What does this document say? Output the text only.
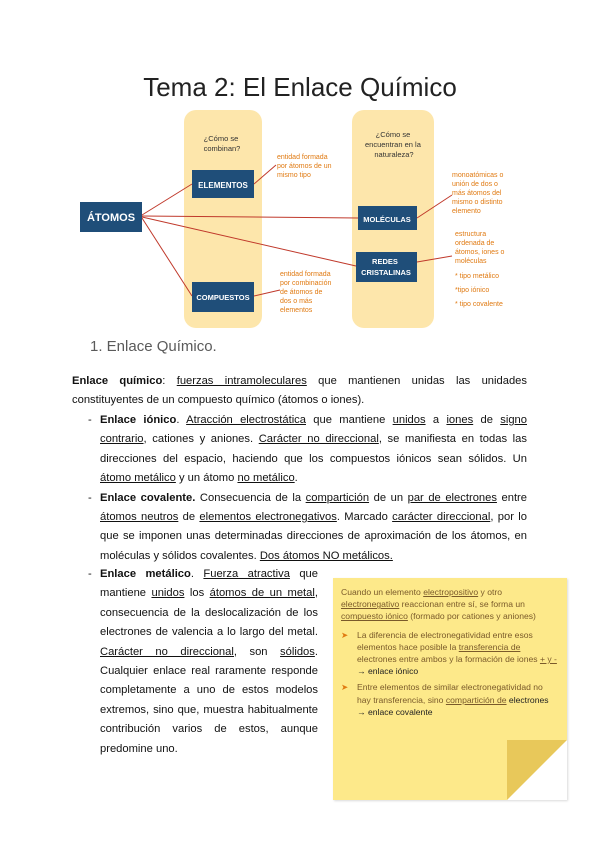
Tema 2: El Enlace Químico
¿Cómo se combinan?
¿Cómo se encuentran en la naturaleza?
ÁTOMOS
ELEMENTOS
COMPUESTOS
MOLÉCULAS
REDES CRISTALINAS
entidad formada por átomos de un mismo tipo
entidad formada por combinación de átomos de dos o más elementos
monoatómicas o unión de dos o más átomos del mismo o distinto elemento
estructura ordenada de átomos, iones o moléculas
* tipo metálico *tipo iónico * tipo covalente
1. Enlace Químico.

Enlace químico: fuerzas intramoleculares que mantienen unidas las unidades constituyentes de un compuesto químico (átomos o iones).

- Enlace iónico. Atracción electrostática que mantiene unidos a iones de signo contrario, cationes y aniones. Carácter no direccional, se manifiesta en todas las direcciones del espacio, haciendo que los compuestos iónicos sean sólidos. Un átomo metálico y un átomo no metálico.
- Enlace covalente. Consecuencia de la compartición de un par de electrones entre átomos neutros de elementos electronegativos. Marcado carácter direccional, por lo que se imponen unas determinadas direcciones de aproximación de los átomos, en moléculas y sólidos covalentes. Dos átomos NO metálicos.
- Enlace metálico. Fuerza atractiva que mantiene unidos los átomos de un metal, consecuencia de la deslocalización de los electrones de valencia a lo largo del metal. Carácter no direccional, son sólidos. Cualquier enlace real raramente responde completamente a uno de estos modelos extremos, sino que, muestra habitualmente contribución varios de estos, aunque predomine uno.

Cuando un elemento electropositivo y otro electronegativo reaccionan entre sí, se forma un compuesto iónico (formado por cationes y aniones)

➤ La diferencia de electronegatividad entre esos elementos hace posible la transferencia de electrones entre ambos y la formación de iones + y - → enlace iónico
➤ Entre elementos de similar electronegatividad no hay transferencia, sino compartición de electrones → enlace covalente
